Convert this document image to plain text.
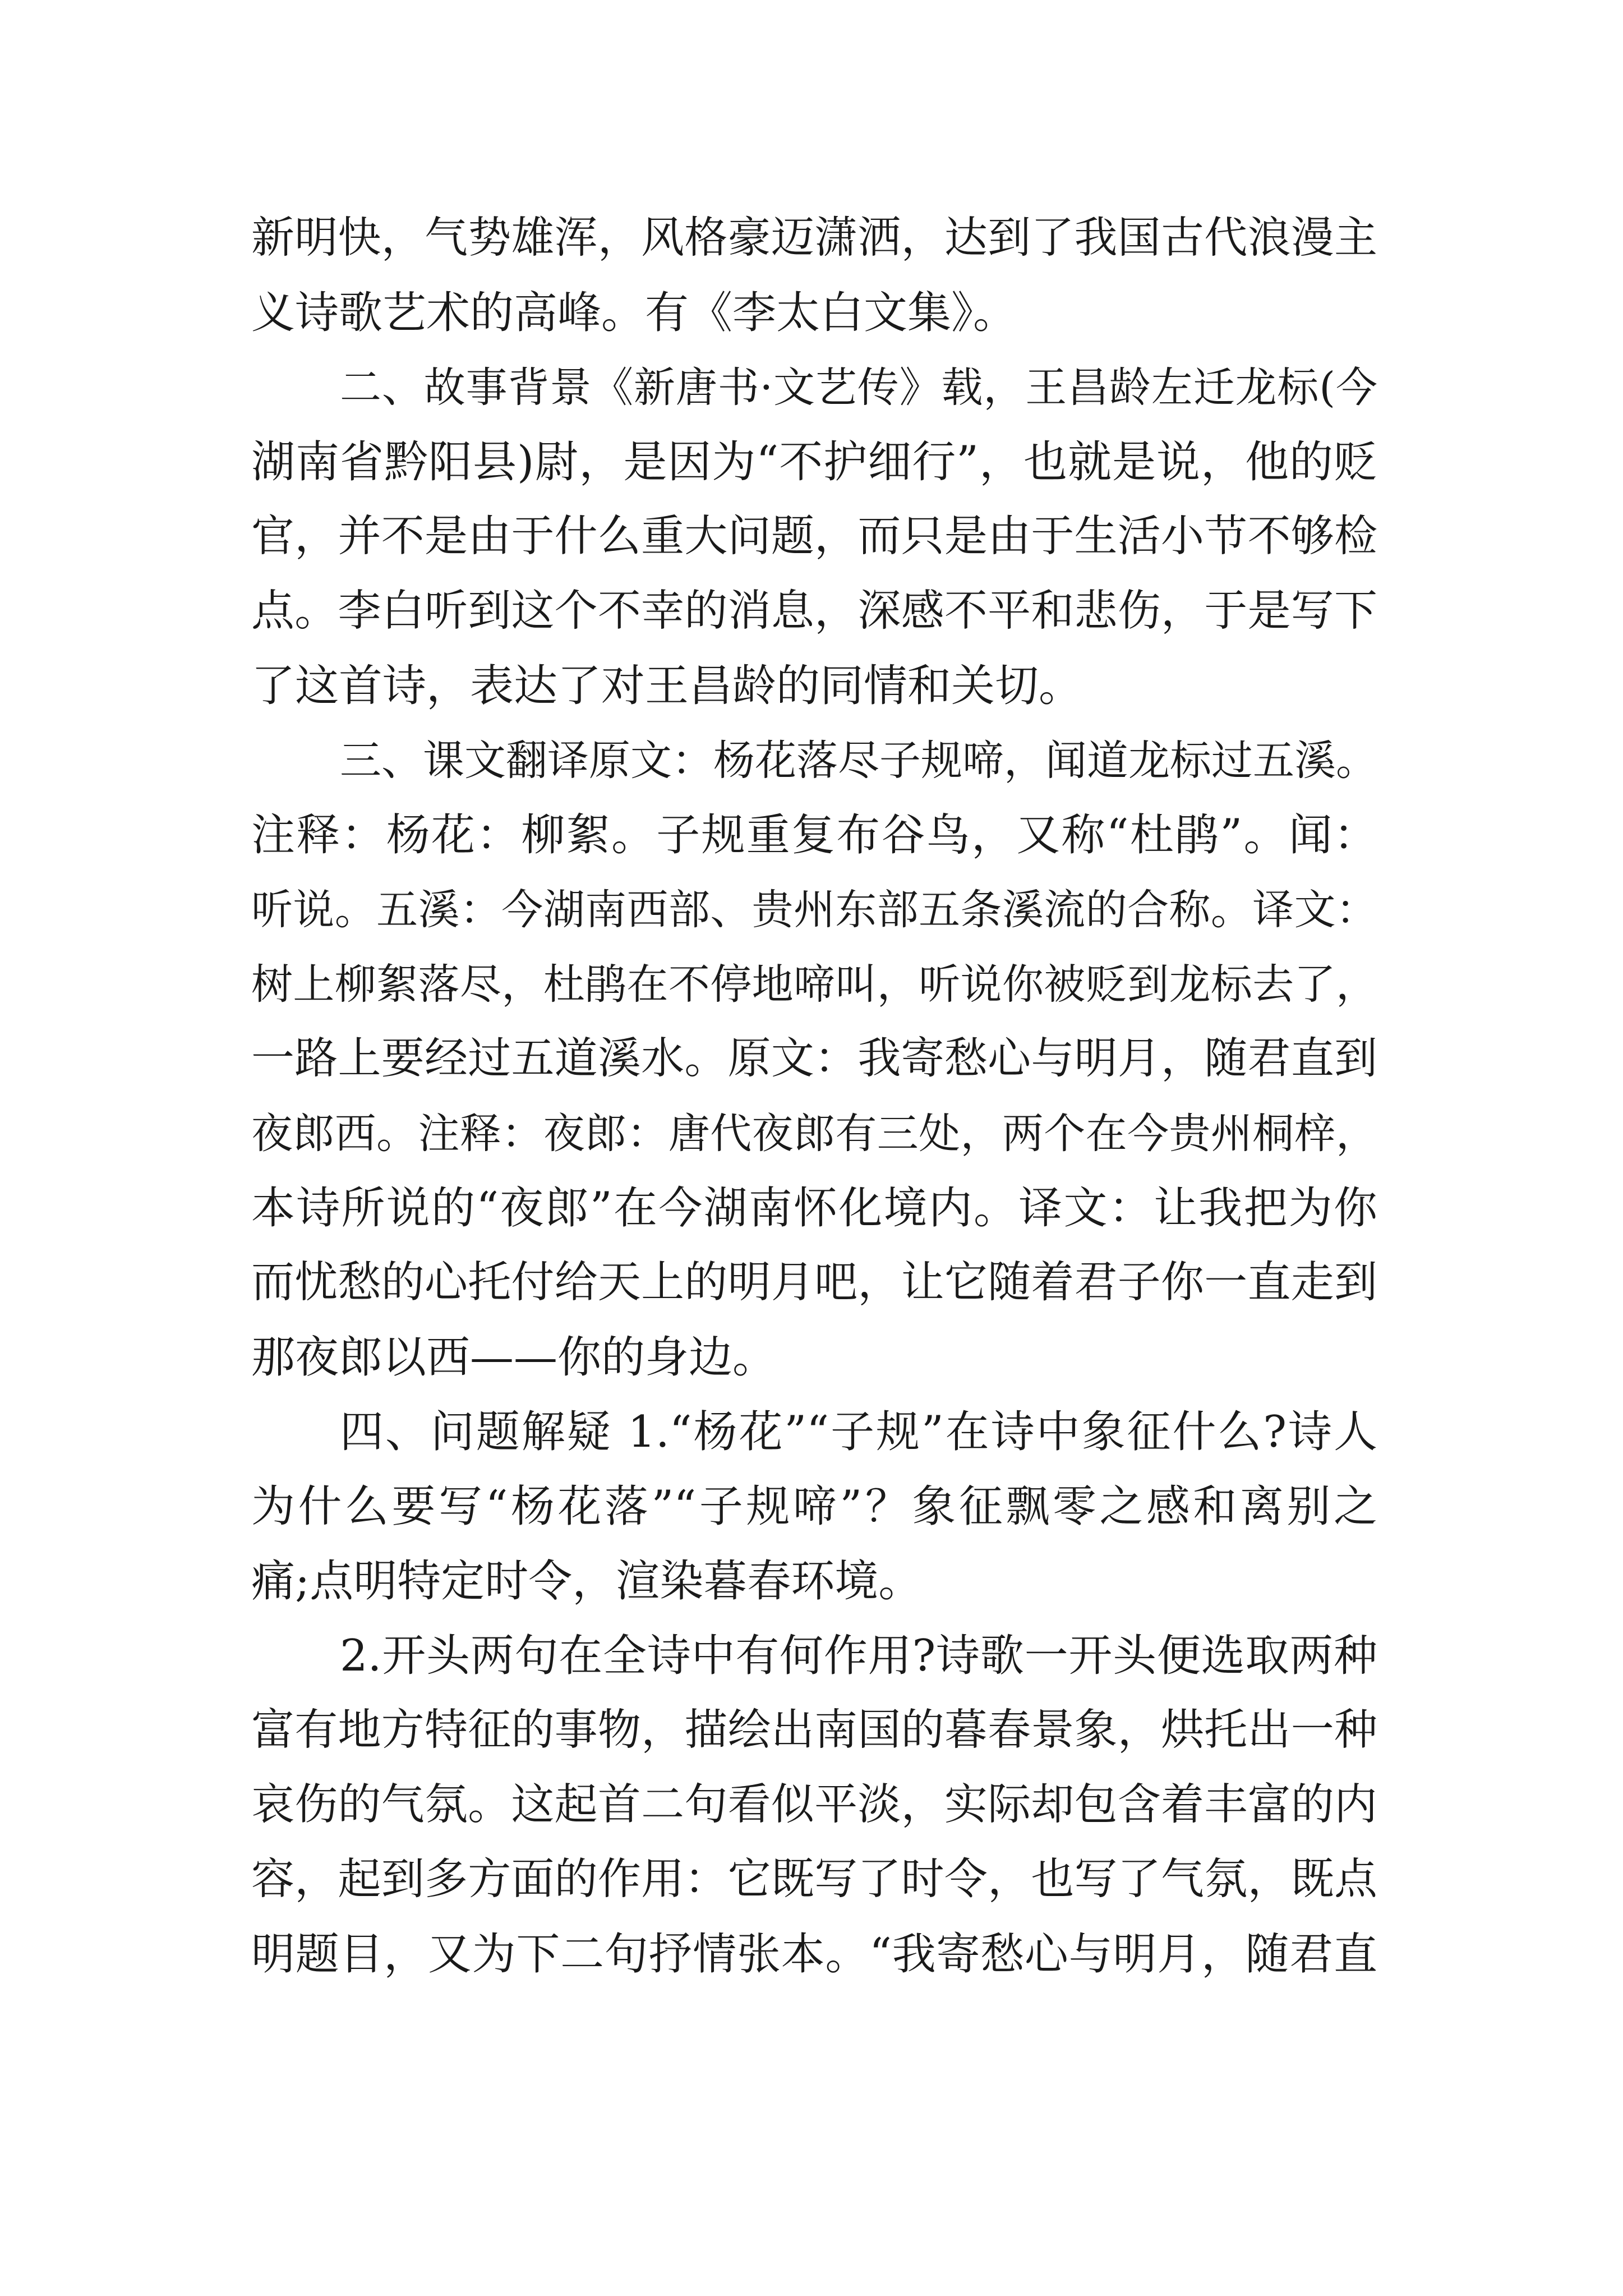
新明快，气势雄浑，风格豪迈潇洒，达到了我国古代浪漫主
义诗歌艺术的高峰。有《李太白文集》。
二、故事背景《新唐书·文艺传》载，王昌龄左迁龙标(今
湖南省黔阳县)尉，是因为“不护细行”，也就是说，他的贬
官，并不是由于什么重大问题，而只是由于生活小节不够检
点。李白听到这个不幸的消息，深感不平和悲伤，于是写下
了这首诗，表达了对王昌龄的同情和关切。
三、课文翻译原文：杨花落尽子规啼，闻道龙标过五溪。
注释：杨花：柳絮。子规重复布谷鸟，又称“杜鹃”。闻：
听说。五溪：今湖南西部、贵州东部五条溪流的合称。译文：
树上柳絮落尽，杜鹃在不停地啼叫，听说你被贬到龙标去了，
一路上要经过五道溪水。原文：我寄愁心与明月，随君直到
夜郎西。注释：夜郎：唐代夜郎有三处，两个在今贵州桐梓，
本诗所说的“夜郎”在今湖南怀化境内。译文：让我把为你
而忧愁的心托付给天上的明月吧，让它随着君子你一直走到
那夜郎以西——你的身边。
四、问题解疑 1.“杨花”“子规”在诗中象征什么?诗人
为什么要写“杨花落”“子规啼”？象征飘零之感和离别之
痛;点明特定时令，渲染暮春环境。
2.开头两句在全诗中有何作用?诗歌一开头便选取两种
富有地方特征的事物，描绘出南国的暮春景象，烘托出一种
哀伤的气氛。这起首二句看似平淡，实际却包含着丰富的内
容，起到多方面的作用：它既写了时令，也写了气氛，既点
明题目，又为下二句抒情张本。“我寄愁心与明月，随君直
